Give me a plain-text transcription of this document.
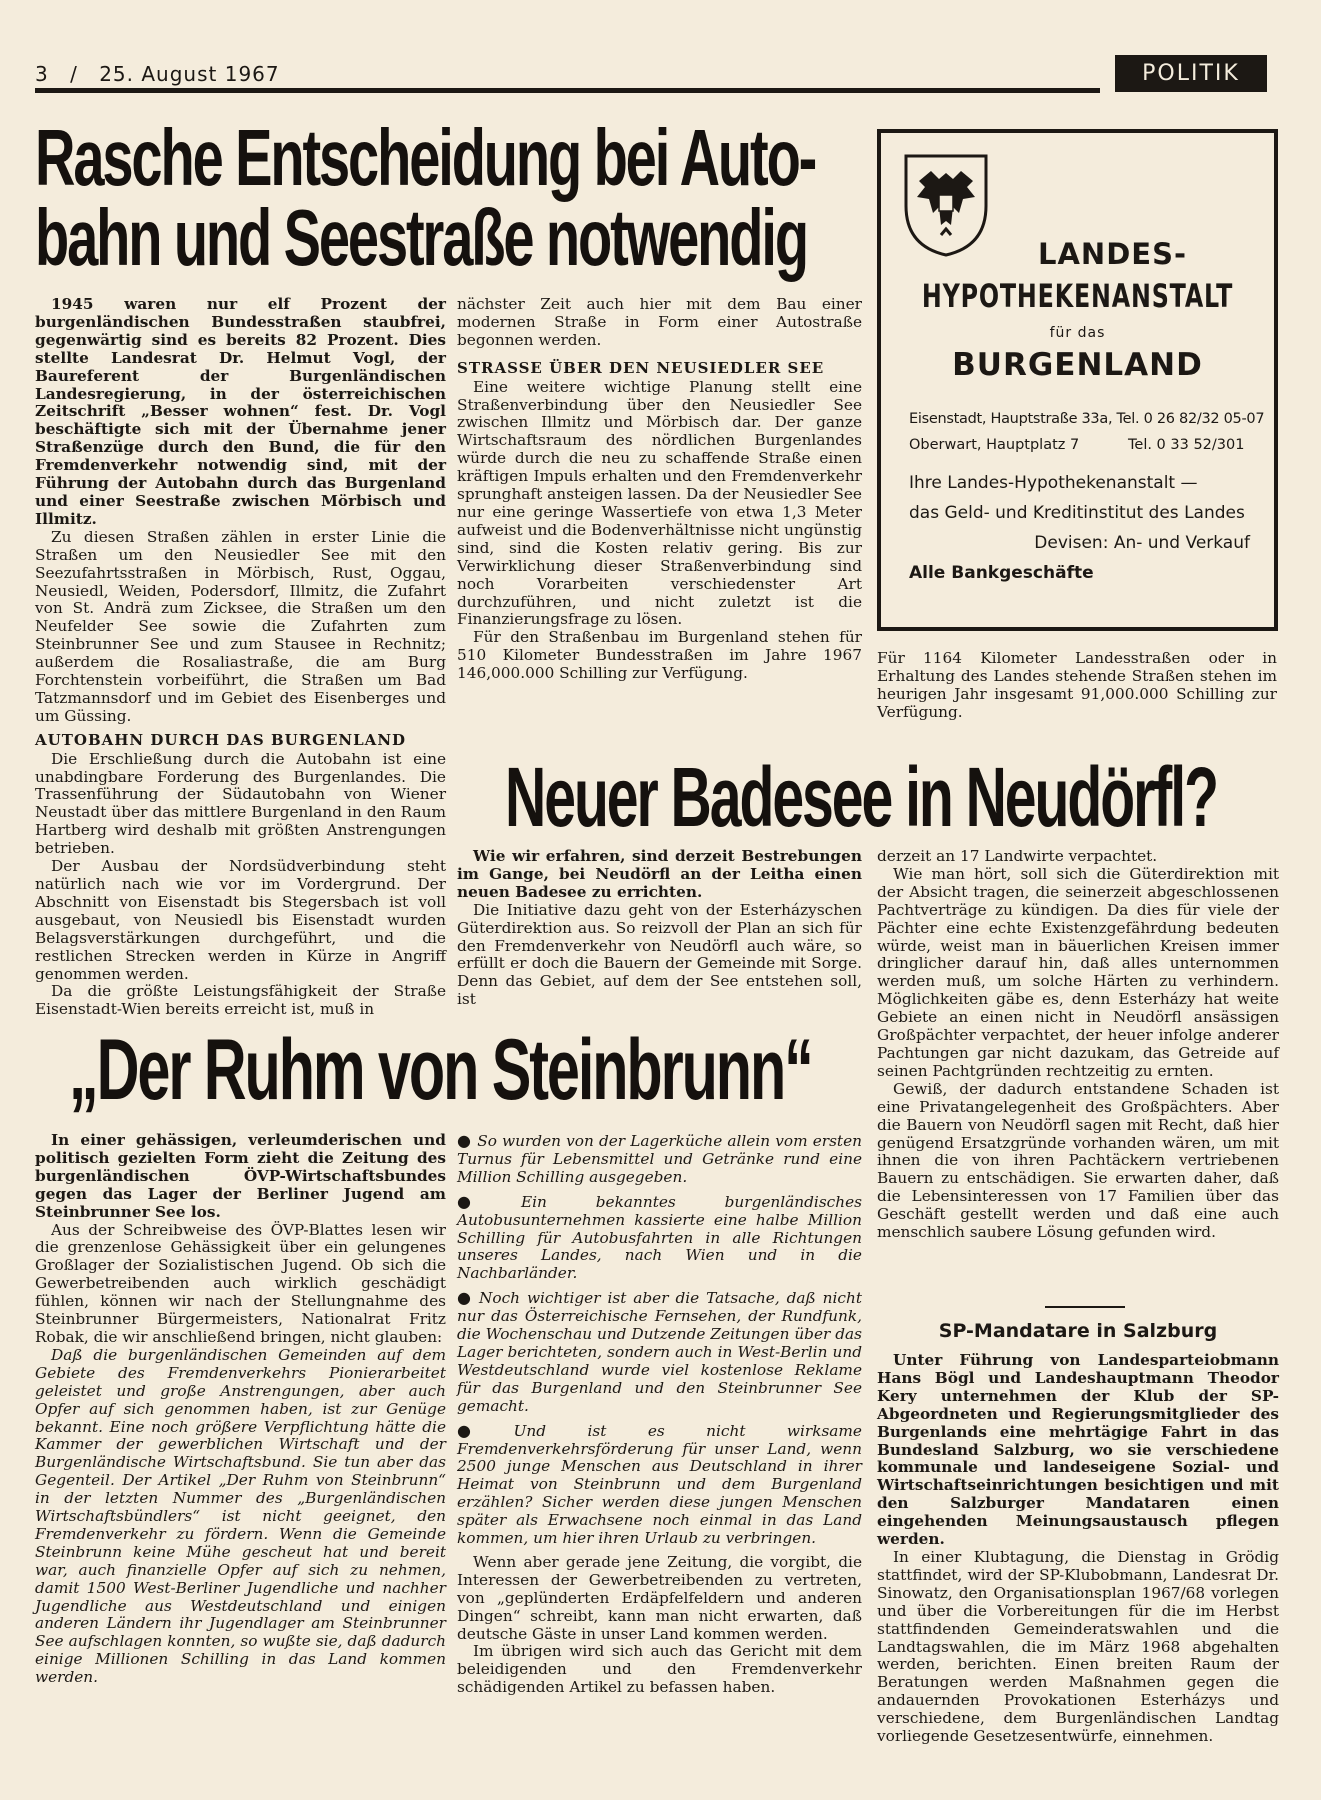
3 / 25. August 1967	POLITIK
Rasche Entscheidung bei Auto-
bahn und Seestraße notwendig

1945 waren nur elf Prozent der burgenländischen Bundesstraßen staubfrei, gegenwärtig sind es bereits 82 Prozent. Dies stellte Landesrat Dr. Helmut Vogl, der Baureferent der Burgenländischen Landesregierung, in der österreichischen Zeitschrift „Besser wohnen“ fest. Dr. Vogl beschäftigte sich mit der Übernahme jener Straßenzüge durch den Bund, die für den Fremdenverkehr notwendig sind, mit der Führung der Autobahn durch das Burgenland und einer Seestraße zwischen Mörbisch und Illmitz.

Zu diesen Straßen zählen in erster Linie die Straßen um den Neusiedler See mit den Seezufahrtsstraßen in Mörbisch, Rust, Oggau, Neusiedl, Weiden, Podersdorf, Illmitz, die Zufahrt von St. Andrä zum Zicksee, die Straßen um den Neufelder See sowie die Zufahrten zum Steinbrunner See und zum Stausee in Rechnitz; außerdem die Rosaliastraße, die am Burg Forchtenstein vorbeiführt, die Straßen um Bad Tatzmannsdorf und im Gebiet des Eisenberges und um Güssing.

AUTOBAHN DURCH DAS BURGENLAND

Die Erschließung durch die Autobahn ist eine unabdingbare Forderung des Burgenlandes. Die Trassenführung der Südautobahn von Wiener Neustadt über das mittlere Burgenland in den Raum Hartberg wird deshalb mit größten Anstrengungen betrieben.

Der Ausbau der Nordsüdverbindung steht natürlich nach wie vor im Vordergrund. Der Abschnitt von Eisenstadt bis Stegersbach ist voll ausgebaut, von Neusiedl bis Eisenstadt wurden Belagsverstärkungen durchgeführt, und die restlichen Strecken werden in Kürze in Angriff genommen werden.

Da die größte Leistungsfähigkeit der Straße Eisenstadt-Wien bereits erreicht ist, muß in

nächster Zeit auch hier mit dem Bau einer modernen Straße in Form einer Autostraße begonnen werden.

STRASSE ÜBER DEN NEUSIEDLER SEE

Eine weitere wichtige Planung stellt eine Straßenverbindung über den Neusiedler See zwischen Illmitz und Mörbisch dar. Der ganze Wirtschaftsraum des nördlichen Burgenlandes würde durch die neu zu schaffende Straße einen kräftigen Impuls erhalten und den Fremdenverkehr sprunghaft ansteigen lassen. Da der Neusiedler See nur eine geringe Wassertiefe von etwa 1,3 Meter aufweist und die Bodenverhältnisse nicht ungünstig sind, sind die Kosten relativ gering. Bis zur Verwirklichung dieser Straßenverbindung sind noch Vorarbeiten verschiedenster Art durchzuführen, und nicht zuletzt ist die Finanzierungsfrage zu lösen.

Für den Straßenbau im Burgenland stehen für 510 Kilometer Bundesstraßen im Jahre 1967 146,000.000 Schilling zur Verfügung.

Für 1164 Kilometer Landesstraßen oder in Erhaltung des Landes stehende Straßen stehen im heurigen Jahr insgesamt 91,000.000 Schilling zur Verfügung.

LANDES-
HYPOTHEKENANSTALT
für das
BURGENLAND
Eisenstadt, Hauptstraße 33a, Tel. 0 26 82/32 05-07
Oberwart, Hauptplatz 7	Tel. 0 33 52/301
Ihre Landes-Hypothekenanstalt —
das Geld- und Kreditinstitut des Landes
Devisen: An- und Verkauf
Alle Bankgeschäfte
Neuer Badesee in Neudörfl?

Wie wir erfahren, sind derzeit Bestrebungen im Gange, bei Neudörfl an der Leitha einen neuen Badesee zu errichten.

Die Initiative dazu geht von der Esterházyschen Güterdirektion aus. So reizvoll der Plan an sich für den Fremdenverkehr von Neudörfl auch wäre, so erfüllt er doch die Bauern der Gemeinde mit Sorge. Denn das Gebiet, auf dem der See entstehen soll, ist

derzeit an 17 Landwirte verpachtet.

Wie man hört, soll sich die Güterdirektion mit der Absicht tragen, die seinerzeit abgeschlossenen Pachtverträge zu kündigen. Da dies für viele der Pächter eine echte Existenzgefährdung bedeuten würde, weist man in bäuerlichen Kreisen immer dringlicher darauf hin, daß alles unternommen werden muß, um solche Härten zu verhindern. Möglichkeiten gäbe es, denn Esterházy hat weite Gebiete an einen nicht in Neudörfl ansässigen Großpächter verpachtet, der heuer infolge anderer Pachtungen gar nicht dazukam, das Getreide auf seinen Pachtgründen rechtzeitig zu ernten.

Gewiß, der dadurch entstandene Schaden ist eine Privatangelegenheit des Großpächters. Aber die Bauern von Neudörfl sagen mit Recht, daß hier genügend Ersatzgründe vorhanden wären, um mit ihnen die von ihren Pachtäckern vertriebenen Bauern zu entschädigen. Sie erwarten daher, daß die Lebensinteressen von 17 Familien über das Geschäft gestellt werden und daß eine auch menschlich saubere Lösung gefunden wird.

„Der Ruhm von Steinbrunn“

In einer gehässigen, verleumderischen und politisch gezielten Form zieht die Zeitung des burgenländischen ÖVP-Wirtschaftsbundes gegen das Lager der Berliner Jugend am Steinbrunner See los.

Aus der Schreibweise des ÖVP-Blattes lesen wir die grenzenlose Gehässigkeit über ein gelungenes Großlager der Sozialistischen Jugend. Ob sich die Gewerbetreibenden auch wirklich geschädigt fühlen, können wir nach der Stellungnahme des Steinbrunner Bürgermeisters, Nationalrat Fritz Robak, die wir anschließend bringen, nicht glauben:

Daß die burgenländischen Gemeinden auf dem Gebiete des Fremdenverkehrs Pionierarbeitet geleistet und große Anstrengungen, aber auch Opfer auf sich genommen haben, ist zur Genüge bekannt. Eine noch größere Verpflichtung hätte die Kammer der gewerblichen Wirtschaft und der Burgenländische Wirtschaftsbund. Sie tun aber das Gegenteil. Der Artikel „Der Ruhm von Steinbrunn“ in der letzten Nummer des „Burgenländischen Wirtschaftsbündlers“ ist nicht geeignet, den Fremdenverkehr zu fördern. Wenn die Gemeinde Steinbrunn keine Mühe gescheut hat und bereit war, auch finanzielle Opfer auf sich zu nehmen, damit 1500 West-Berliner Jugendliche und nachher Jugendliche aus Westdeutschland und einigen anderen Ländern ihr Jugendlager am Steinbrunner See aufschlagen konnten, so wußte sie, daß dadurch einige Millionen Schilling in das Land kommen werden.

● So wurden von der Lagerküche allein vom ersten Turnus für Lebensmittel und Getränke rund eine Million Schilling ausgegeben.

● Ein bekanntes burgenländisches Autobusunternehmen kassierte eine halbe Million Schilling für Autobusfahrten in alle Richtungen unseres Landes, nach Wien und in die Nachbarländer.

● Noch wichtiger ist aber die Tatsache, daß nicht nur das Österreichische Fernsehen, der Rundfunk, die Wochenschau und Dutzende Zeitungen über das Lager berichteten, sondern auch in West-Berlin und Westdeutschland wurde viel kostenlose Reklame für das Burgenland und den Steinbrunner See gemacht.

● Und ist es nicht wirksame Fremdenverkehrsförderung für unser Land, wenn 2500 junge Menschen aus Deutschland in ihrer Heimat von Steinbrunn und dem Burgenland erzählen? Sicher werden diese jungen Menschen später als Erwachsene noch einmal in das Land kommen, um hier ihren Urlaub zu verbringen.

Wenn aber gerade jene Zeitung, die vorgibt, die Interessen der Gewerbetreibenden zu vertreten, von „geplünderten Erdäpfelfeldern und anderen Dingen“ schreibt, kann man nicht erwarten, daß deutsche Gäste in unser Land kommen werden.

Im übrigen wird sich auch das Gericht mit dem beleidigenden und den Fremdenverkehr schädigenden Artikel zu befassen haben.

SP-Mandatare in Salzburg

Unter Führung von Landesparteiobmann Hans Bögl und Landeshauptmann Theodor Kery unternehmen der Klub der SP-Abgeordneten und Regierungsmitglieder des Burgenlands eine mehrtägige Fahrt in das Bundesland Salzburg, wo sie verschiedene kommunale und landeseigene Sozial- und Wirtschaftseinrichtungen besichtigen und mit den Salzburger Mandataren einen eingehenden Meinungsaustausch pflegen werden.

In einer Klubtagung, die Dienstag in Grödig stattfindet, wird der SP-Klubobmann, Landesrat Dr. Sinowatz, den Organisationsplan 1967/68 vorlegen und über die Vorbereitungen für die im Herbst stattfindenden Gemeinderatswahlen und die Landtagswahlen, die im März 1968 abgehalten werden, berichten. Einen breiten Raum der Beratungen werden Maßnahmen gegen die andauernden Provokationen Esterházys und verschiedene, dem Burgenländischen Landtag vorliegende Gesetzesentwürfe, einnehmen.
